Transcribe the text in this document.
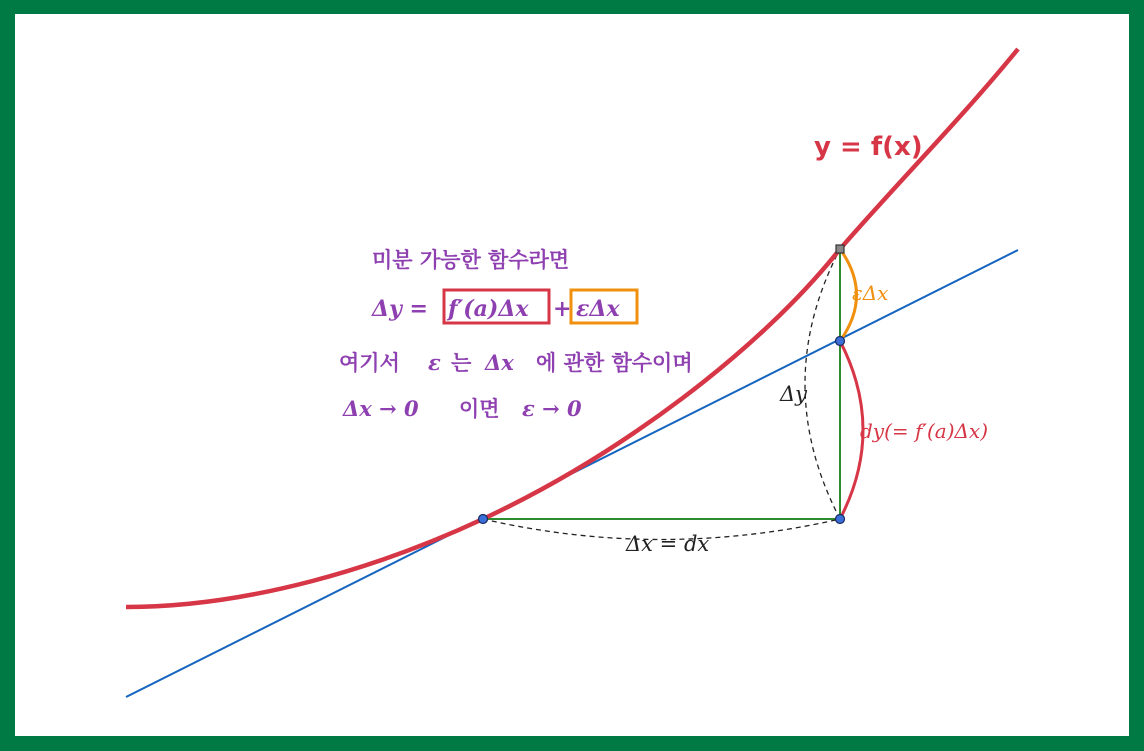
y = f(x)
미분 가능한 함수라면
Δy = f′(a)Δx + εΔx
여기서 ε 는 Δx 에 관한 함수이며
Δx → 0 이면 ε → 0
εΔx
Δy
dy(= f′(a)Δx)
Δx = dx
